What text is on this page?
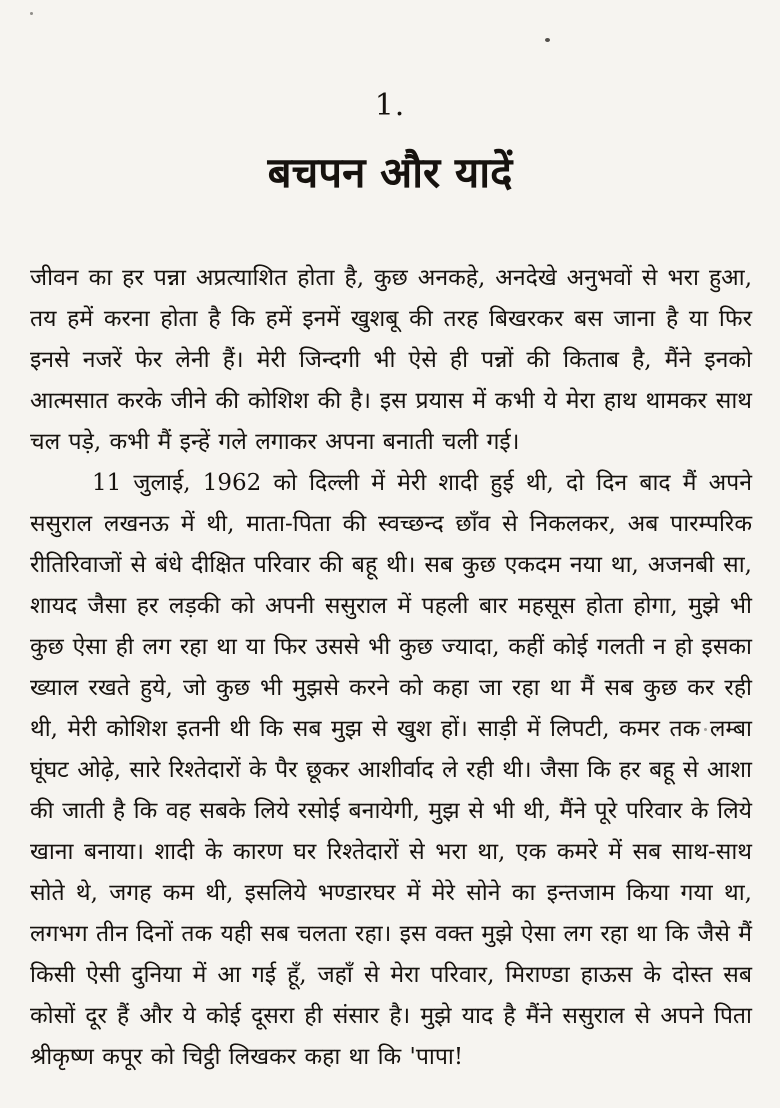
1.
बचपन और यादें

जीवन का हर पन्ना अप्रत्याशित होता है, कुछ अनकहे, अनदेखे अनुभवों से भरा हुआ, तय हमें करना होता है कि हमें इनमें खुशबू की तरह बिखरकर बस जाना है या फिर इनसे नजरें फेर लेनी हैं। मेरी जिन्दगी भी ऐसे ही पन्नों की किताब है, मैंने इनको आत्मसात करके जीने की कोशिश की है। इस प्रयास में कभी ये मेरा हाथ थामकर साथ चल पड़े, कभी मैं इन्हें गले लगाकर अपना बनाती चली गई।

11 जुलाई, 1962 को दिल्ली में मेरी शादी हुई थी, दो दिन बाद मैं अपने ससुराल लखनऊ में थी, माता-पिता की स्वच्छन्द छाँव से निकलकर, अब पारम्परिक रीतिरिवाजों से बंधे दीक्षित परिवार की बहू थी। सब कुछ एकदम नया था, अजनबी सा, शायद जैसा हर लड़की को अपनी ससुराल में पहली बार महसूस होता होगा, मुझे भी कुछ ऐसा ही लग रहा था या फिर उससे भी कुछ ज्यादा, कहीं कोई गलती न हो इसका ख्याल रखते हुये, जो कुछ भी मुझसे करने को कहा जा रहा था मैं सब कुछ कर रही थी, मेरी कोशिश इतनी थी कि सब मुझ से खुश हों। साड़ी में लिपटी, कमर तक लम्बा घूंघट ओढ़े, सारे रिश्तेदारों के पैर छूकर आशीर्वाद ले रही थी। जैसा कि हर बहू से आशा की जाती है कि वह सबके लिये रसोई बनायेगी, मुझ से भी थी, मैंने पूरे परिवार के लिये खाना बनाया। शादी के कारण घर रिश्तेदारों से भरा था, एक कमरे में सब साथ-साथ सोते थे, जगह कम थी, इसलिये भण्डारघर में मेरे सोने का इन्तजाम किया गया था, लगभग तीन दिनों तक यही सब चलता रहा। इस वक्त मुझे ऐसा लग रहा था कि जैसे मैं किसी ऐसी दुनिया में आ गई हूँ, जहाँ से मेरा परिवार, मिराण्डा हाऊस के दोस्त सब कोसों दूर हैं और ये कोई दूसरा ही संसार है। मुझे याद है मैंने ससुराल से अपने पिता श्रीकृष्ण कपूर को चिट्ठी लिखकर कहा था कि 'पापा!
